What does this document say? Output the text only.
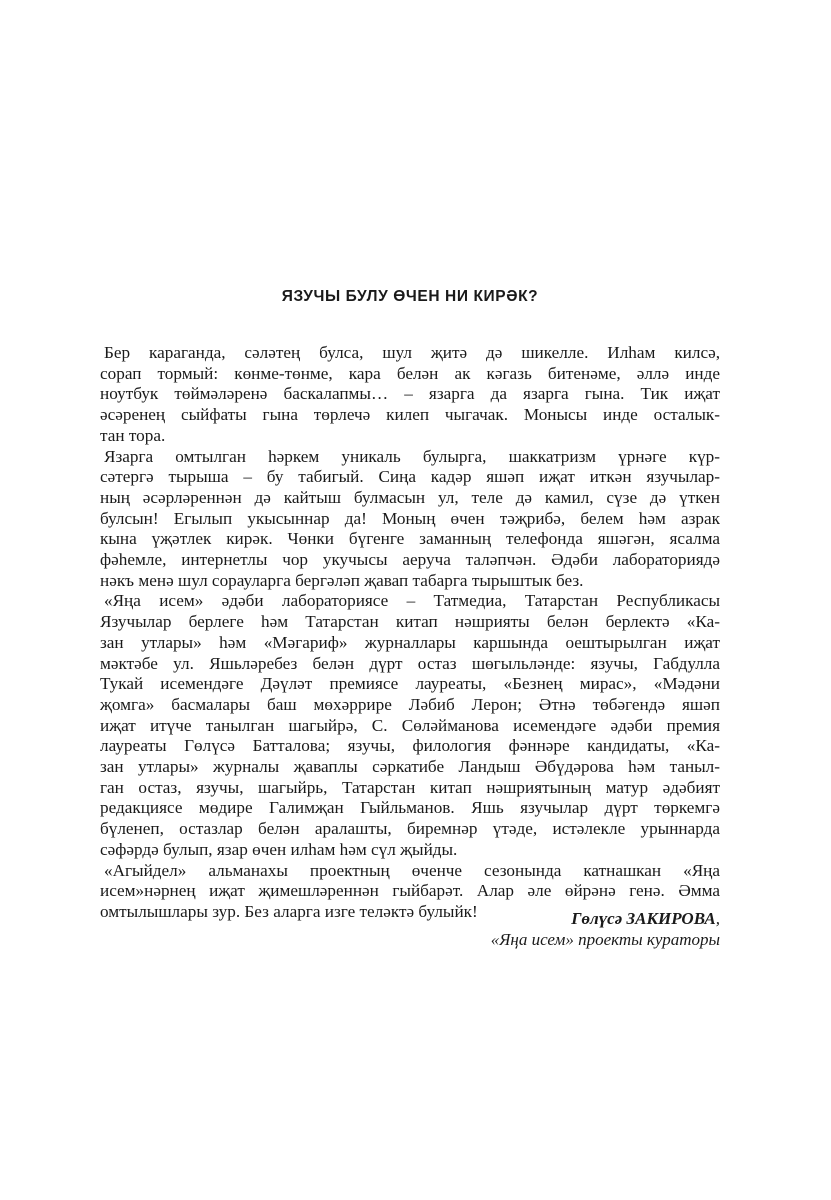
ЯЗУЧЫ БУЛУ ӨЧЕН НИ КИРӘК?

Бер караганда, сәләтең булса, шул җитә дә шикелле. Илһам килсә,
сорап тормый: көнме-төнме, кара белән ак кәгазь битенәме, әллә инде
ноутбук төймәләренә баскалапмы… – язарга да язарга гына. Тик иҗат
әсәренең сыйфаты гына төрлечә килеп чыгачак. Монысы инде осталык-
тан тора.

Язарга омтылган һәркем уникаль булырга, шаккатризм үрнәге күр-
сәтергә тырыша – бу табигый. Сиңа кадәр яшәп иҗат иткән язучылар-
ның әсәрләреннән дә кайтыш булмасын ул, теле дә камил, сүзе дә үткен
булсын! Егылып укысыннар да! Моның өчен тәҗрибә, белем һәм азрак
кына үҗәтлек кирәк. Чөнки бүгенге заманның телефонда яшәгән, ясалма
фәһемле, интернетлы чор укучысы аеруча таләпчән. Әдәби лабораториядә
нәкъ менә шул сорауларга бергәләп җавап табарга тырыштык без.

«Яңа исем» әдәби лабораториясе – Татмедиа, Татарстан Республикасы
Язучылар берлеге һәм Татарстан китап нәшрияты белән берлектә «Ка-
зан утлары» һәм «Мәгариф» журналлары каршында оештырылган иҗат
мәктәбе ул. Яшьләребез белән дүрт остаз шөгыльләнде: язучы, Габдулла
Тукай исемендәге Дәүләт премиясе лауреаты, «Безнең мирас», «Мәдәни
җомга» басмалары баш мөхәррире Ләбиб Лерон; Әтнә төбәгендә яшәп
иҗат итүче танылган шагыйрә, С. Сөләйманова исемендәге әдәби премия
лауреаты Гөлүсә Батталова; язучы, филология фәннәре кандидаты, «Ка-
зан утлары» журналы җаваплы сәркатибе Ландыш Әбүдәрова һәм таныл-
ган остаз, язучы, шагыйрь, Татарстан китап нәшриятының матур әдәбият
редакциясе мөдире Галимҗан Гыйльманов. Яшь язучылар дүрт төркемгә
бүленеп, остазлар белән аралашты, биремнәр үтәде, истәлекле урыннарда
сәфәрдә булып, язар өчен илһам һәм сүл җыйды.

«Агыйдел» альманахы проектның өченче сезонында катнашкан «Яңа
исем»нәрнең иҗат җимешләреннән гыйбарәт. Алар әле өйрәнә генә. Әмма
омтылышлары зур. Без аларга изге теләктә булыйк!	Гөлүсә ЗАКИРОВА,
«Яңа исем» проекты кураторы
